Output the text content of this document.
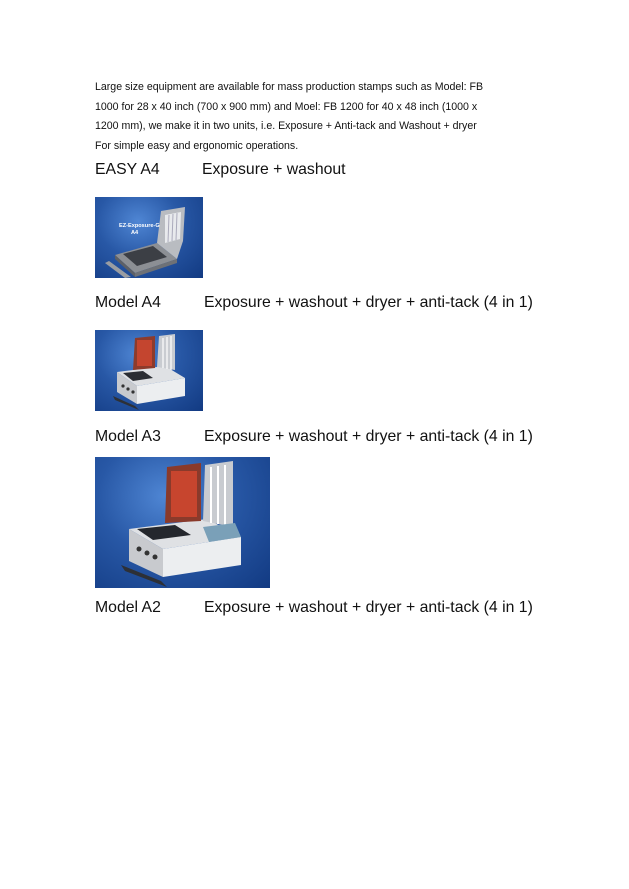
Large size equipment are available for mass production stamps such as Model: FB

1000 for 28 x 40 inch (700 x 900 mm) and Moel: FB 1200 for 40 x 48 inch (1000 x

1200 mm), we make it in two units, i.e. Exposure + Anti-tack and Washout + dryer

For simple easy and ergonomic operations.

EASY A4	Exposure + washout
EZ-Exposure-G
A4
Model A4	Exposure + washout + dryer + anti-tack (4 in 1)
Model A3	Exposure + washout + dryer + anti-tack (4 in 1)
Model A2	Exposure + washout + dryer + anti-tack (4 in 1)
